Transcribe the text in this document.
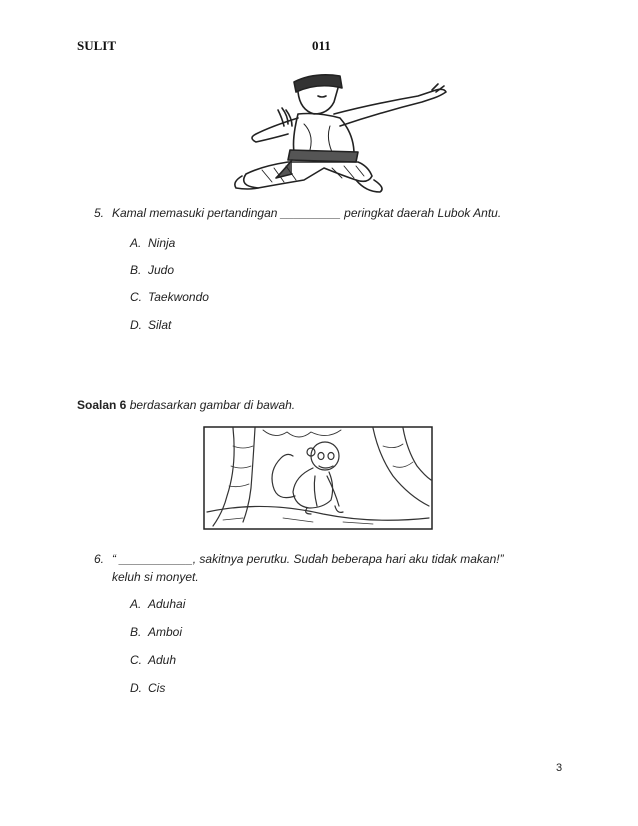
SULIT	011
5. Kamal memasuki pertandingan _________ peringkat daerah Lubok Antu.
A. Ninja
B. Judo
C. Taekwondo
D. Silat
Soalan 6 berdasarkan gambar di bawah.
6. “ ___________, sakitnya perutku. Sudah beberapa hari aku tidak makan!”
keluh si monyet.
A. Aduhai
B. Amboi
C. Aduh
D. Cis
3
